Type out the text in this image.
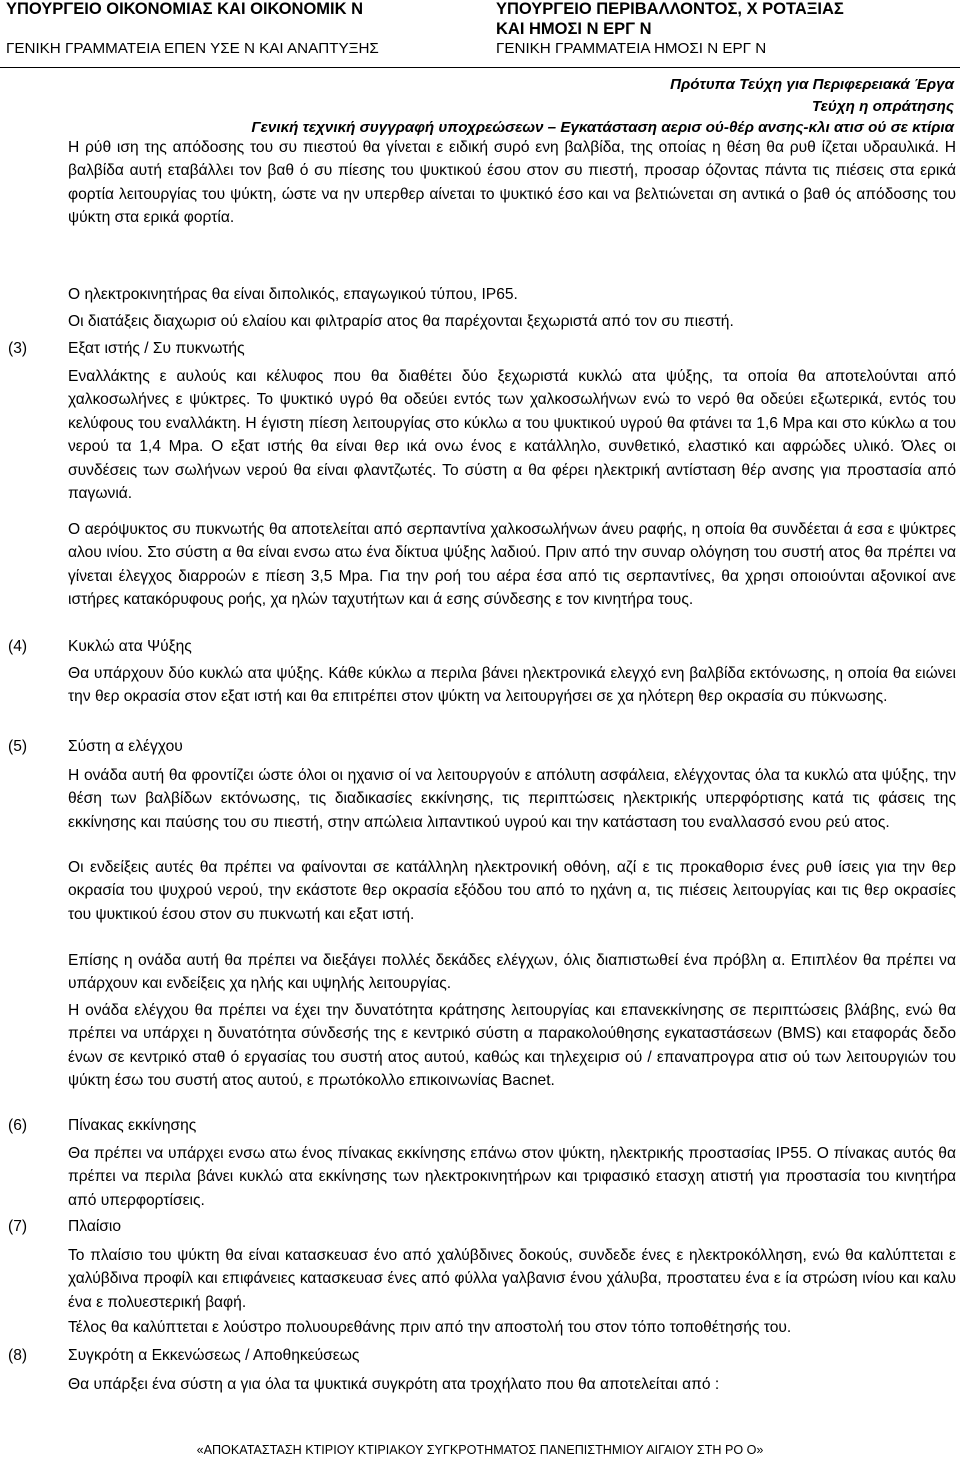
ΥΠΟΥΡΓΕΙΟ ΟΙΚΟΝΟΜΙΑΣ ΚΑΙ ΟΙΚΟΝΟΜΙΚ Ν
ΓΕΝΙΚΗ ΓΡΑΜΜΑΤΕΙΑ ΕΠΕΝ ΥΣΕ Ν ΚΑΙ ΑΝΑΠΤΥΞΗΣ
ΥΠΟΥΡΓΕΙΟ ΠΕΡΙΒΑΛΛΟΝΤΟΣ, Χ ΡΟΤΑΞΙΑΣ
ΚΑΙ ΗΜΟΣΙ Ν ΕΡΓ Ν
ΓΕΝΙΚΗ ΓΡΑΜΜΑΤΕΙΑ ΗΜΟΣΙ Ν ΕΡΓ Ν
Πρότυπα Τεύχη για Περιφερειακά Έργα
Τεύχη η οπράτησης
Γενική τεχνική συγγραφή υποχρεώσεων – Εγκατάσταση αερισ ού-θέρ ανσης-κλι ατισ ού σε κτίρια

Η ρύθ ιση της απόδοσης του συ πιεστού θα γίνεται ε ειδική συρό ενη βαλβίδα, της οποίας η θέση θα ρυθ ίζεται υδραυλικά. Η βαλβίδα αυτή εταβάλλει τον βαθ ό συ πίεσης του ψυκτικού έσου στον συ πιεστή, προσαρ όζοντας πάντα τις πιέσεις στα ερικά φορτία λειτουργίας του ψύκτη, ώστε να ην υπερθερ αίνεται το ψυκτικό έσο και να βελτιώνεται ση αντικά ο βαθ ός απόδοσης του ψύκτη στα ερικά φορτία.

Ο ηλεκτροκινητήρας θα είναι διπολικός, επαγωγικού τύπου, IP65.

Οι διατάξεις διαχωρισ ού ελαίου και φιλτραρίσ ατος θα παρέχονται ξεχωριστά από τον συ πιεστή.

(3)	Εξατ ιστής / Συ πυκνωτής

Εναλλάκτης ε αυλούς και κέλυφος που θα διαθέτει δύο ξεχωριστά κυκλώ ατα ψύξης, τα οποία θα αποτελούνται από χαλκοσωλήνες ε ψύκτρες. Το ψυκτικό υγρό θα οδεύει εντός των χαλκοσωλήνων ενώ το νερό θα οδεύει εξωτερικά, εντός του κελύφους του εναλλάκτη. Η έγιστη πίεση λειτουργίας στο κύκλω α του ψυκτικού υγρού θα φτάνει τα 1,6 Mpa και στο κύκλω α του νερού τα 1,4 Mpa. Ο εξατ ιστής θα είναι θερ ικά ονω ένος ε κατάλληλο, συνθετικό, ελαστικό και αφρώδες υλικό. Όλες οι συνδέσεις των σωλήνων νερού θα είναι φλαντζωτές. Το σύστη α θα φέρει ηλεκτρική αντίσταση θέρ ανσης για προστασία από παγωνιά.

Ο αερόψυκτος συ πυκνωτής θα αποτελείται από σερπαντίνα χαλκοσωλήνων άνευ ραφής, η οποία θα συνδέεται ά εσα ε ψύκτρες αλου ινίου. Στο σύστη α θα είναι ενσω ατω ένα δίκτυα ψύξης λαδιού. Πριν από την συναρ ολόγηση του συστή ατος θα πρέπει να γίνεται έλεγχος διαρροών ε πίεση 3,5 Mpa. Για την ροή του αέρα έσα από τις σερπαντίνες, θα χρησι οποιούνται αξονικοί ανε ιστήρες κατακόρυφους ροής, χα ηλών ταχυτήτων και ά εσης σύνδεσης ε τον κινητήρα τους.

(4)	Κυκλώ ατα Ψύξης

Θα υπάρχουν δύο κυκλώ ατα ψύξης. Κάθε κύκλω α περιλα βάνει ηλεκτρονικά ελεγχό ενη βαλβίδα εκτόνωσης, η οποία θα ειώνει την θερ οκρασία στον εξατ ιστή και θα επιτρέπει στον ψύκτη να λειτουργήσει σε χα ηλότερη θερ οκρασία συ πύκνωσης.

(5)	Σύστη α ελέγχου

Η ονάδα αυτή θα φροντίζει ώστε όλοι οι ηχανισ οί να λειτουργούν ε απόλυτη ασφάλεια, ελέγχοντας όλα τα κυκλώ ατα ψύξης, την θέση των βαλβίδων εκτόνωσης, τις διαδικασίες εκκίνησης, τις περιπτώσεις ηλεκτρικής υπερφόρτισης κατά τις φάσεις της εκκίνησης και παύσης του συ πιεστή, στην απώλεια λιπαντικού υγρού και την κατάσταση του εναλλασσό ενου ρεύ ατος.

Οι ενδείξεις αυτές θα πρέπει να φαίνονται σε κατάλληλη ηλεκτρονική οθόνη, αζί ε τις προκαθορισ ένες ρυθ ίσεις για την θερ οκρασία του ψυχρού νερού, την εκάστοτε θερ οκρασία εξόδου του από το ηχάνη α, τις πιέσεις λειτουργίας και τις θερ οκρασίες του ψυκτικού έσου στον συ πυκνωτή και εξατ ιστή.

Επίσης η ονάδα αυτή θα πρέπει να διεξάγει πολλές δεκάδες ελέγχων, όλις διαπιστωθεί ένα πρόβλη α. Επιπλέον θα πρέπει να υπάρχουν και ενδείξεις χα ηλής και υψηλής λειτουργίας.

Η ονάδα ελέγχου θα πρέπει να έχει την δυνατότητα κράτησης λειτουργίας και επανεκκίνησης σε περιπτώσεις βλάβης, ενώ θα πρέπει να υπάρχει η δυνατότητα σύνδεσής της ε κεντρικό σύστη α παρακολούθησης εγκαταστάσεων (BMS) και εταφοράς δεδο ένων σε κεντρικό σταθ ό εργασίας του συστή ατος αυτού, καθώς και τηλεχειρισ ού / επαναπρογρα ατισ ού των λειτουργιών του ψύκτη έσω του συστή ατος αυτού, ε πρωτόκολλο επικοινωνίας Bacnet.

(6)	Πίνακας εκκίνησης

Θα πρέπει να υπάρχει ενσω ατω ένος πίνακας εκκίνησης επάνω στον ψύκτη, ηλεκτρικής προστασίας IP55. Ο πίνακας αυτός θα πρέπει να περιλα βάνει κυκλώ ατα εκκίνησης των ηλεκτροκινητήρων και τριφασικό ετασχη ατιστή για προστασία του κινητήρα από υπερφορτίσεις.

(7)	Πλαίσιο

Το πλαίσιο του ψύκτη θα είναι κατασκευασ ένο από χαλύβδινες δοκούς, συνδεδε ένες ε ηλεκτροκόλληση, ενώ θα καλύπτεται ε χαλύβδινα προφίλ και επιφάνειες κατασκευασ ένες από φύλλα γαλβανισ ένου χάλυβα, προστατευ ένα ε ία στρώση ινίου και καλυ ένα ε πολυεστερική βαφή.

Τέλος θα καλύπτεται ε λούστρο πολυουρεθάνης πριν από την αποστολή του στον τόπο τοποθέτησής του.

(8)	Συγκρότη α Εκκενώσεως / Αποθηκεύσεως

Θα υπάρξει ένα σύστη α για όλα τα ψυκτικά συγκρότη ατα τροχήλατο που θα αποτελείται από :

«ΑΠΟΚΑΤΑΣΤΑΣΗ ΚΤΙΡΙΟΥ ΚΤΙΡΙΑΚΟΥ ΣΥΓΚΡΟΤΗΜΑΤΟΣ ΠΑΝΕΠΙΣΤΗΜΙΟΥ ΑΙΓΑΙΟΥ ΣΤΗ ΡΟ Ο»
